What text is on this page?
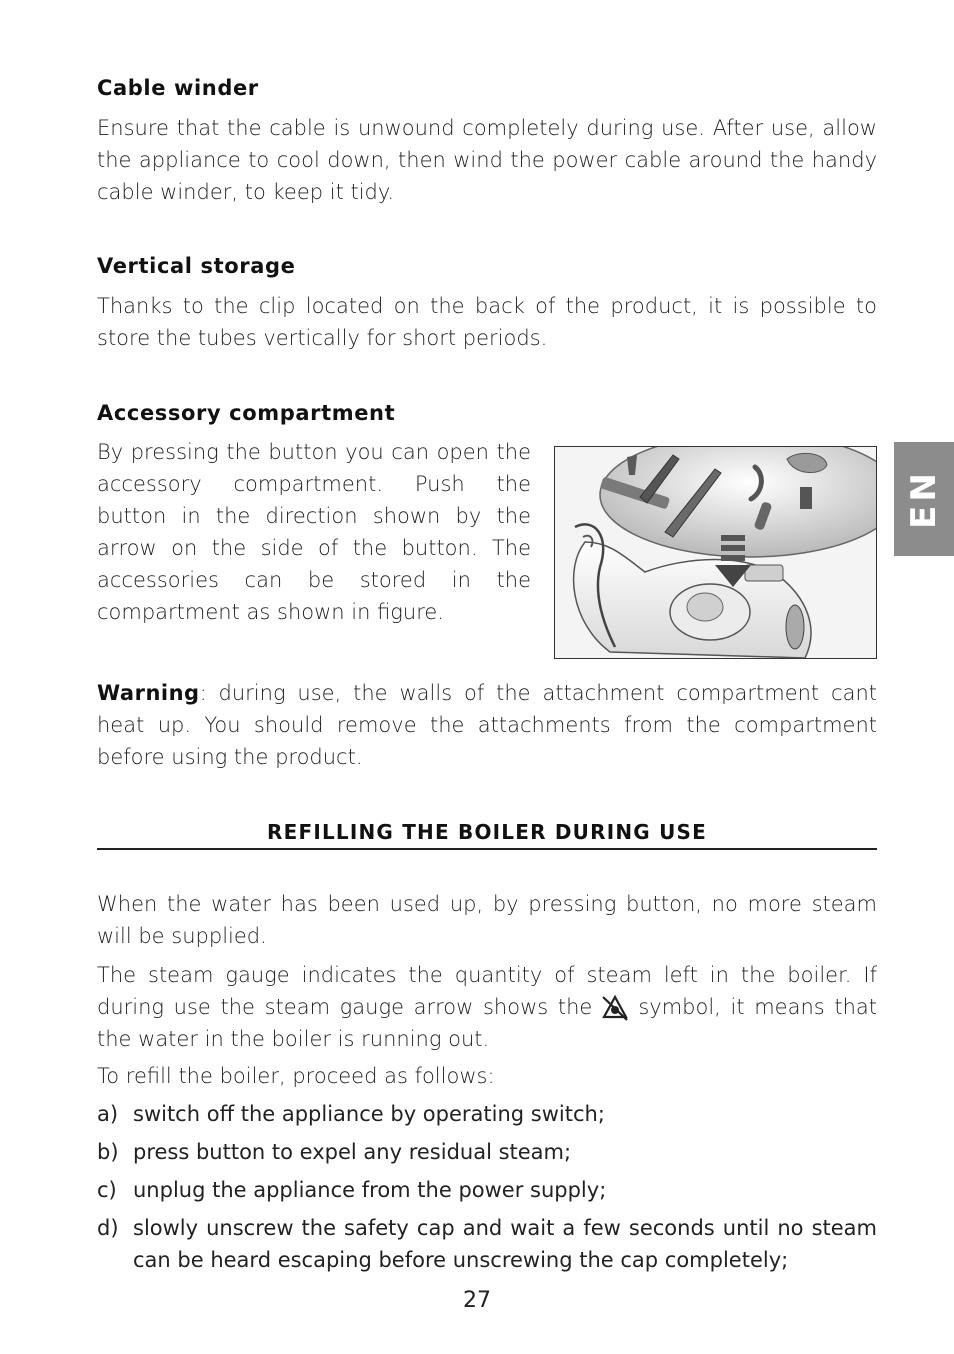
Cable winder

Ensure that the cable is unwound completely during use. After use, allow the appliance to cool down, then wind the power cable around the handy cable winder, to keep it tidy.

Vertical storage

Thanks to the clip located on the back of the product, it is possible to store the tubes vertically for short periods.

Accessory compartment

By pressing the button you can open the accessory compartment. Push the button in the direction shown by the arrow on the side of the button. The accessories can be stored in the compartment as shown in figure.

Warning: during use, the walls of the attachment compartment cant heat up. You should remove the attachments from the compartment before using the product.

REFILLING THE BOILER DURING USE

When the water has been used up, by pressing button, no more steam will be supplied.

The steam gauge indicates the quantity of steam left in the boiler. If during use the steam gauge arrow shows the symbol, it means that the water in the boiler is running out.

To refill the boiler, proceed as follows:

a) switch off the appliance by operating switch;
b) press button to expel any residual steam;
c) unplug the appliance from the power supply;
d) slowly unscrew the safety cap and wait a few seconds until no steam can be heard escaping before unscrewing the cap completely;
EN
27
